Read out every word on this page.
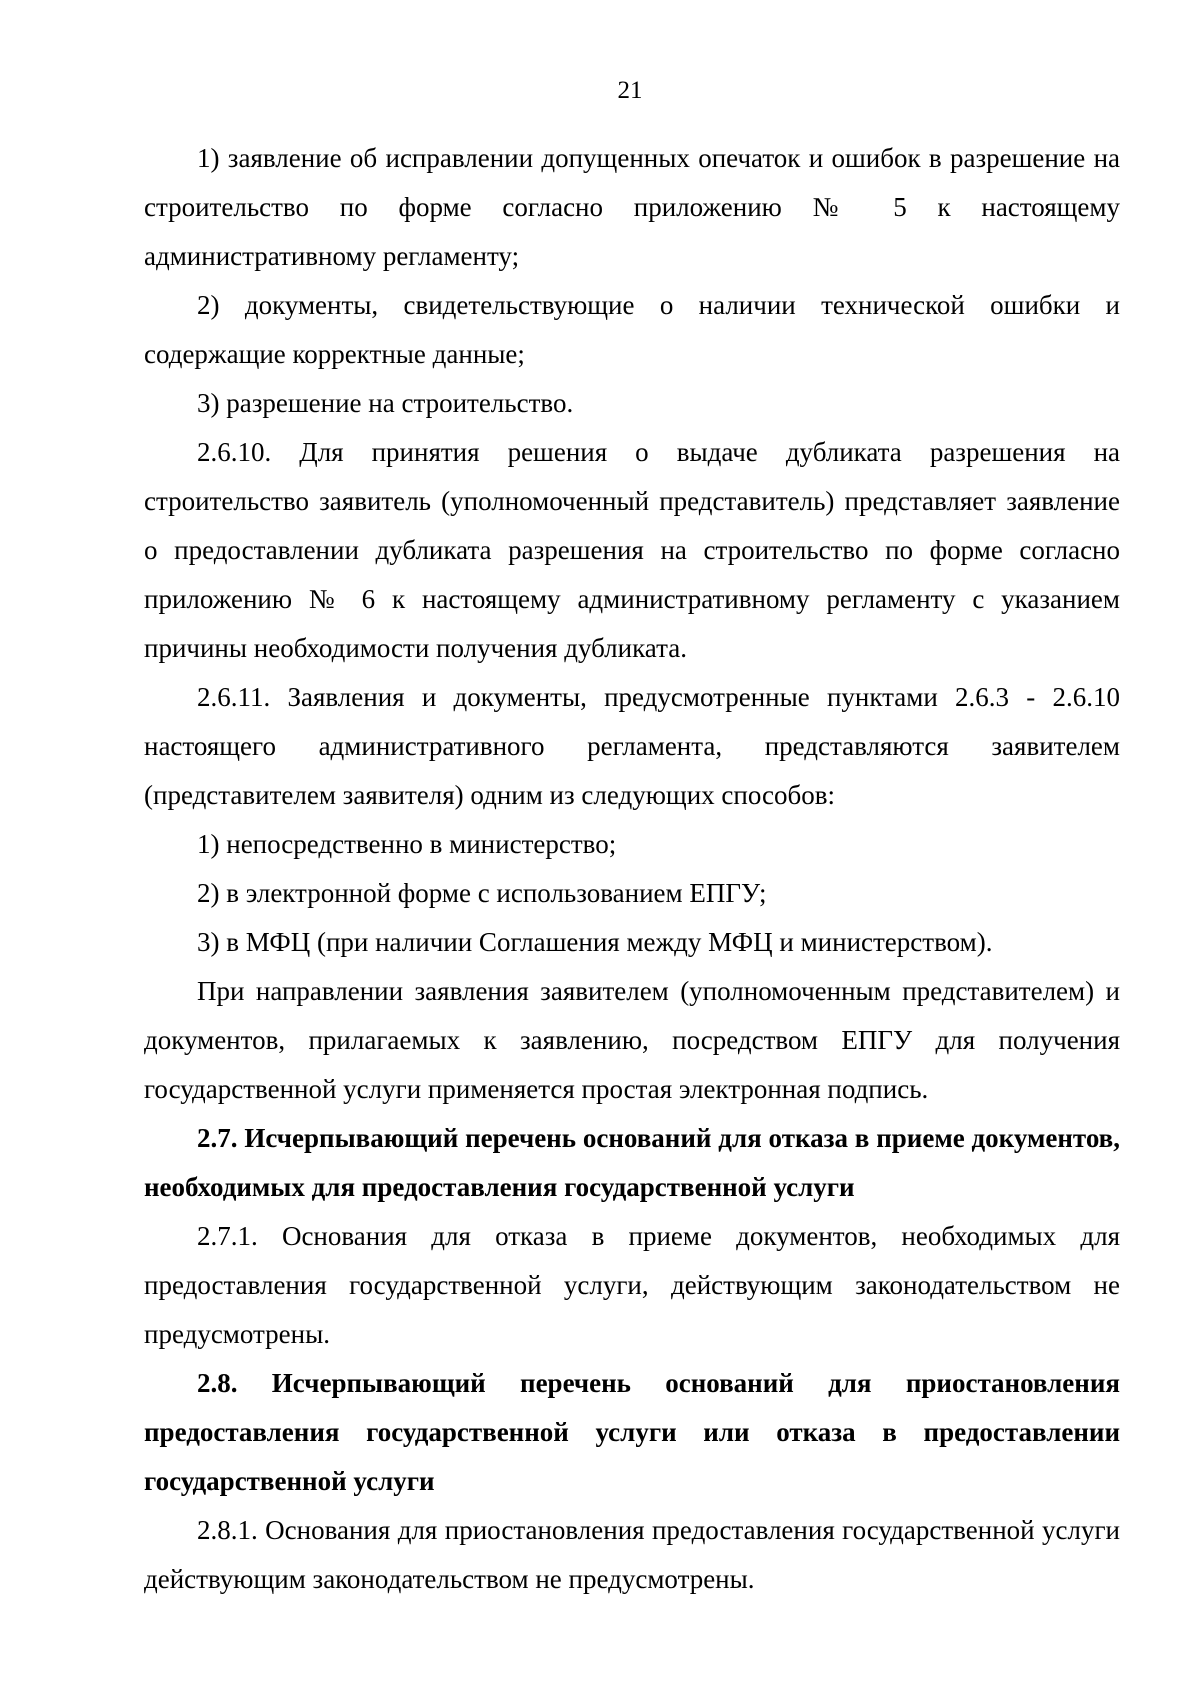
21

1) заявление об исправлении допущенных опечаток и ошибок в разрешение на строительство по форме согласно приложению № 5 к настоящему административному регламенту;

2) документы, свидетельствующие о наличии технической ошибки и содержащие корректные данные;

3) разрешение на строительство.

2.6.10. Для принятия решения о выдаче дубликата разрешения на строительство заявитель (уполномоченный представитель) представляет заявление о предоставлении дубликата разрешения на строительство по форме согласно приложению № 6 к настоящему административному регламенту с указанием причины необходимости получения дубликата.

2.6.11. Заявления и документы, предусмотренные пунктами 2.6.3 - 2.6.10 настоящего административного регламента, представляются заявителем (представителем заявителя) одним из следующих способов:

1) непосредственно в министерство;

2) в электронной форме с использованием ЕПГУ;

3) в МФЦ (при наличии Соглашения между МФЦ и министерством).

При направлении заявления заявителем (уполномоченным представителем) и документов, прилагаемых к заявлению, посредством ЕПГУ для получения государственной услуги применяется простая электронная подпись.

2.7. Исчерпывающий перечень оснований для отказа в приеме документов, необходимых для предоставления государственной услуги

2.7.1. Основания для отказа в приеме документов, необходимых для предоставления государственной услуги, действующим законодательством не предусмотрены.

2.8. Исчерпывающий перечень оснований для приостановления предоставления государственной услуги или отказа в предоставлении государственной услуги

2.8.1. Основания для приостановления предоставления государственной услуги действующим законодательством не предусмотрены.
